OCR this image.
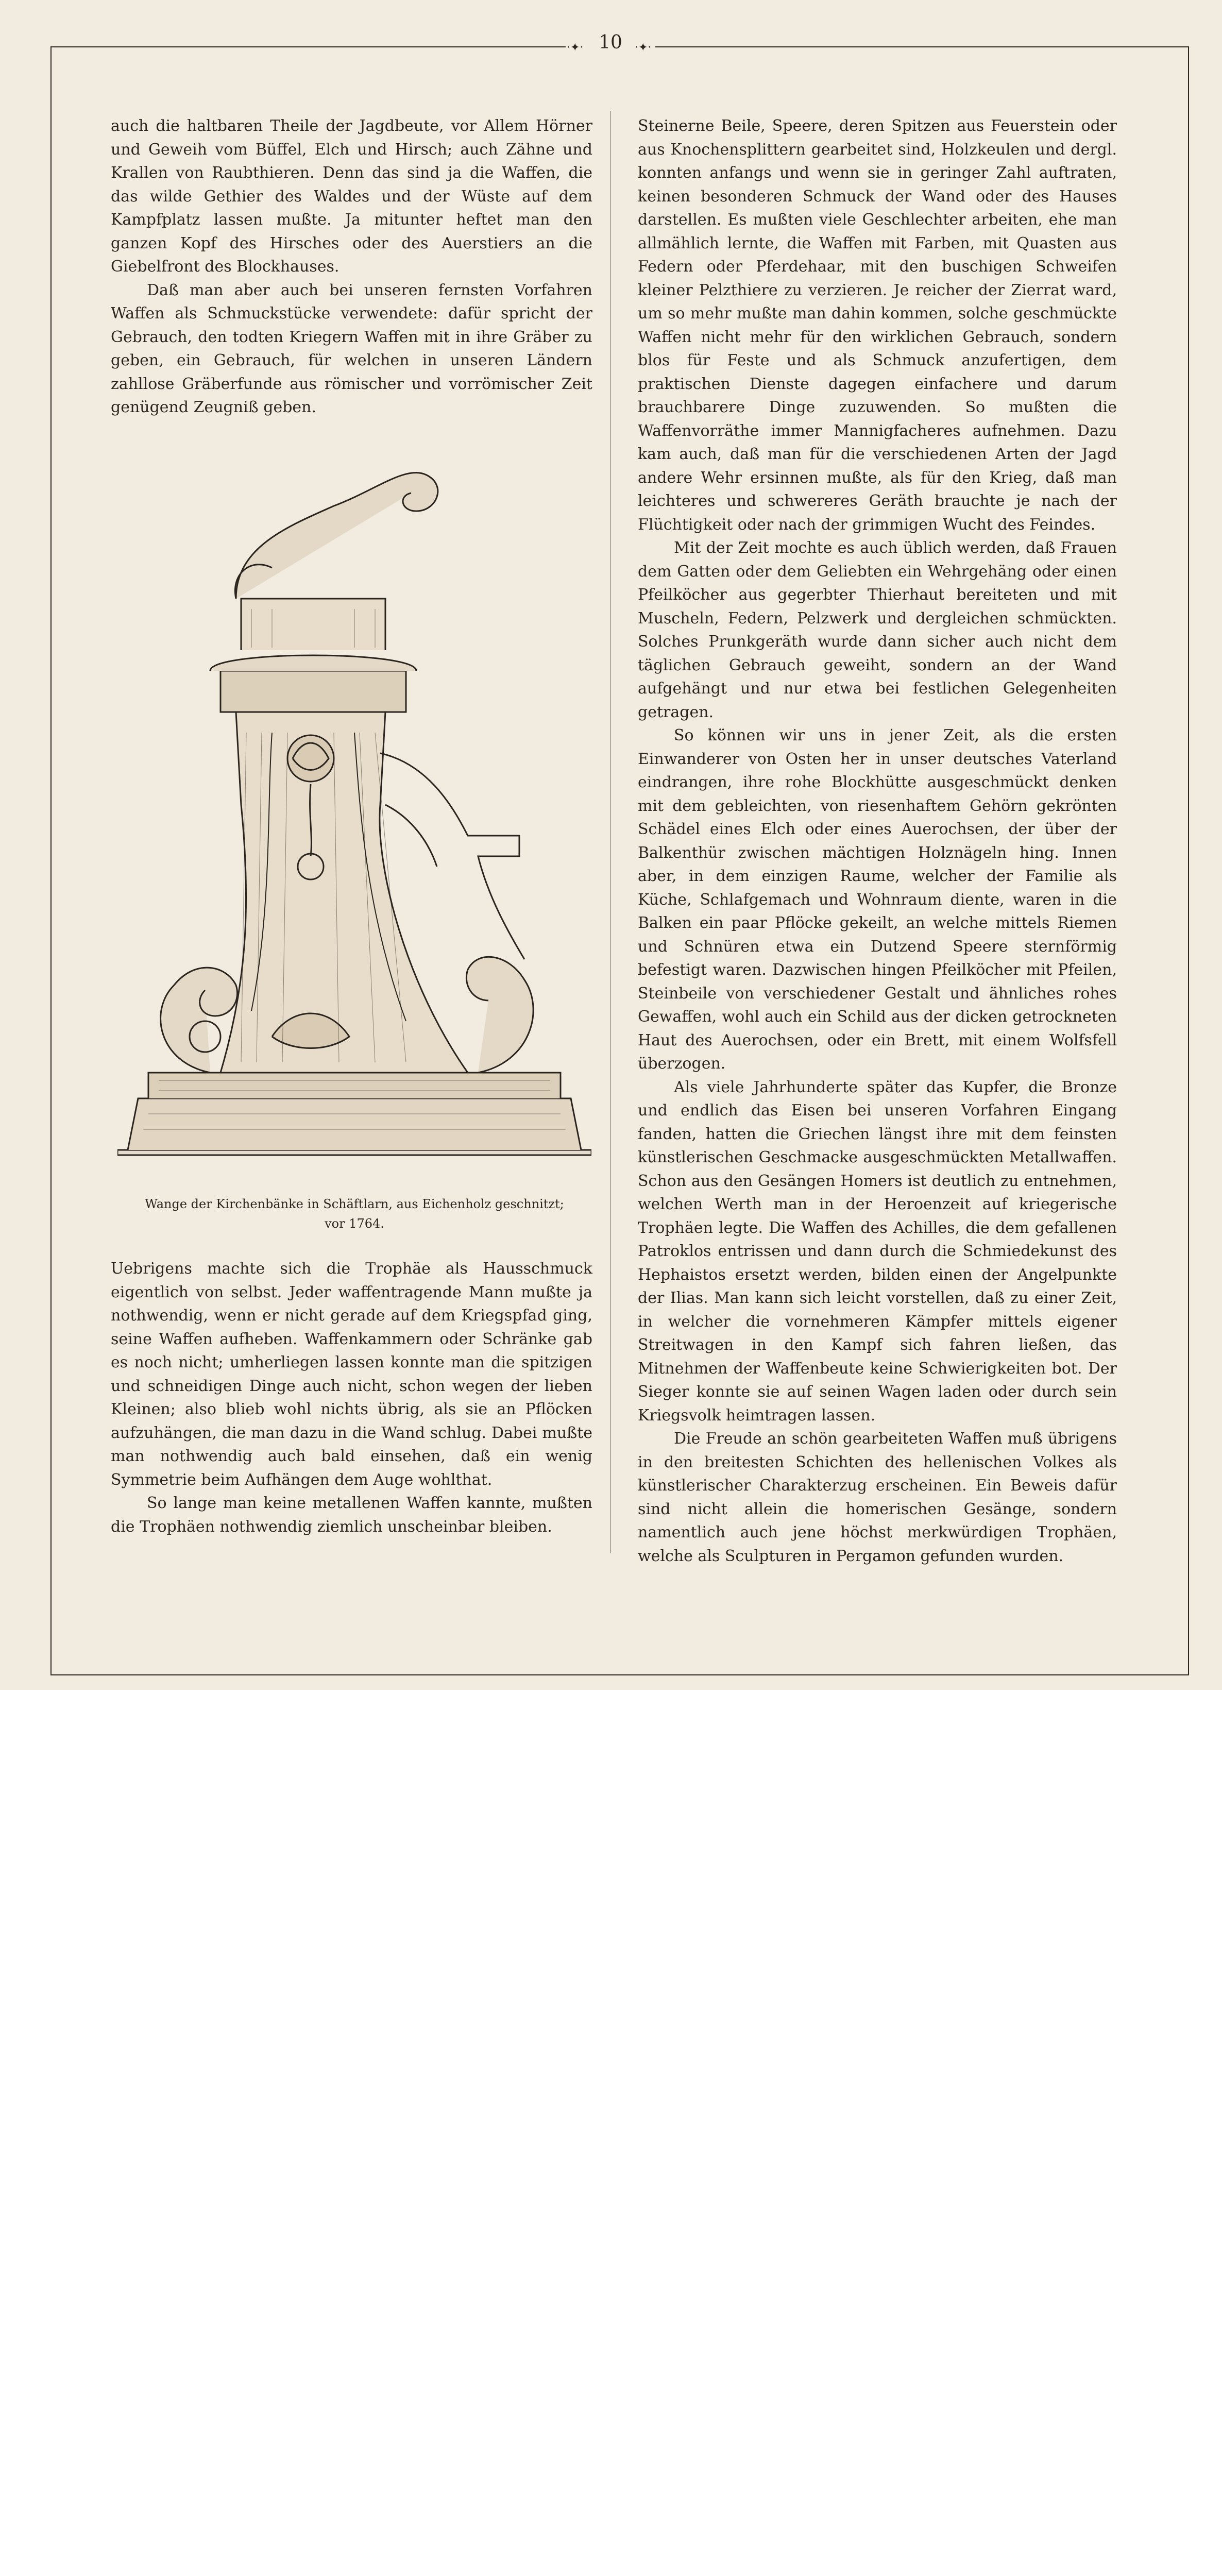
·✦·	·✦·
10

auch die haltbaren Theile der Jagdbeute, vor Allem Hörner und Geweih vom Büffel, Elch und Hirsch; auch Zähne und Krallen von Raubthieren. Denn das sind ja die Waffen, die das wilde Gethier des Waldes und der Wüste auf dem Kampfplatz lassen mußte. Ja mitunter heftet man den ganzen Kopf des Hirsches oder des Auerstiers an die Giebelfront des Blockhauses.

Daß man aber auch bei unseren fernsten Vorfahren Waffen als Schmuckstücke verwendete: dafür spricht der Gebrauch, den todten Kriegern Waffen mit in ihre Gräber zu geben, ein Gebrauch, für welchen in unseren Ländern zahllose Gräberfunde aus römischer und vorrömischer Zeit genügend Zeugniß geben.

Wange der Kirchenbänke in Schäftlarn, aus Eichenholz geschnitzt;
vor 1764.

Uebrigens machte sich die Trophäe als Hausschmuck eigentlich von selbst. Jeder waffentragende Mann mußte ja nothwendig, wenn er nicht gerade auf dem Kriegspfad ging, seine Waffen aufheben. Waffenkammern oder Schränke gab es noch nicht; umherliegen lassen konnte man die spitzigen und schneidigen Dinge auch nicht, schon wegen der lieben Kleinen; also blieb wohl nichts übrig, als sie an Pflöcken aufzuhängen, die man dazu in die Wand schlug. Dabei mußte man nothwendig auch bald einsehen, daß ein wenig Symmetrie beim Aufhängen dem Auge wohlthat.

So lange man keine metallenen Waffen kannte, mußten die Trophäen nothwendig ziemlich unscheinbar bleiben.

Steinerne Beile, Speere, deren Spitzen aus Feuerstein oder aus Knochensplittern gearbeitet sind, Holzkeulen und dergl. konnten anfangs und wenn sie in geringer Zahl auftraten, keinen besonderen Schmuck der Wand oder des Hauses darstellen. Es mußten viele Geschlechter arbeiten, ehe man allmählich lernte, die Waffen mit Farben, mit Quasten aus Federn oder Pferdehaar, mit den buschigen Schweifen kleiner Pelzthiere zu verzieren. Je reicher der Zierrat ward, um so mehr mußte man dahin kommen, solche geschmückte Waffen nicht mehr für den wirklichen Gebrauch, sondern blos für Feste und als Schmuck anzufertigen, dem praktischen Dienste dagegen einfachere und darum brauchbarere Dinge zuzuwenden. So mußten die Waffenvorräthe immer Mannigfacheres aufnehmen. Dazu kam auch, daß man für die verschiedenen Arten der Jagd andere Wehr ersinnen mußte, als für den Krieg, daß man leichteres und schwereres Geräth brauchte je nach der Flüchtigkeit oder nach der grimmigen Wucht des Feindes.

Mit der Zeit mochte es auch üblich werden, daß Frauen dem Gatten oder dem Geliebten ein Wehrgehäng oder einen Pfeilköcher aus gegerbter Thierhaut bereiteten und mit Muscheln, Federn, Pelzwerk und dergleichen schmückten. Solches Prunkgeräth wurde dann sicher auch nicht dem täglichen Gebrauch geweiht, sondern an der Wand aufgehängt und nur etwa bei festlichen Gelegenheiten getragen.

So können wir uns in jener Zeit, als die ersten Einwanderer von Osten her in unser deutsches Vaterland eindrangen, ihre rohe Blockhütte ausgeschmückt denken mit dem gebleichten, von riesenhaftem Gehörn gekrönten Schädel eines Elch oder eines Auerochsen, der über der Balkenthür zwischen mächtigen Holznägeln hing. Innen aber, in dem einzigen Raume, welcher der Familie als Küche, Schlafgemach und Wohnraum diente, waren in die Balken ein paar Pflöcke gekeilt, an welche mittels Riemen und Schnüren etwa ein Dutzend Speere sternförmig befestigt waren. Dazwischen hingen Pfeilköcher mit Pfeilen, Steinbeile von verschiedener Gestalt und ähnliches rohes Gewaffen, wohl auch ein Schild aus der dicken getrockneten Haut des Auerochsen, oder ein Brett, mit einem Wolfsfell überzogen.

Als viele Jahrhunderte später das Kupfer, die Bronze und endlich das Eisen bei unseren Vorfahren Eingang fanden, hatten die Griechen längst ihre mit dem feinsten künstlerischen Geschmacke ausgeschmückten Metallwaffen. Schon aus den Gesängen Homers ist deutlich zu entnehmen, welchen Werth man in der Heroenzeit auf kriegerische Trophäen legte. Die Waffen des Achilles, die dem gefallenen Patroklos entrissen und dann durch die Schmiedekunst des Hephaistos ersetzt werden, bilden einen der Angelpunkte der Ilias. Man kann sich leicht vorstellen, daß zu einer Zeit, in welcher die vornehmeren Kämpfer mittels eigener Streitwagen in den Kampf sich fahren ließen, das Mitnehmen der Waffenbeute keine Schwierigkeiten bot. Der Sieger konnte sie auf seinen Wagen laden oder durch sein Kriegsvolk heimtragen lassen.

Die Freude an schön gearbeiteten Waffen muß übrigens in den breitesten Schichten des hellenischen Volkes als künstlerischer Charakterzug erscheinen. Ein Beweis dafür sind nicht allein die homerischen Gesänge, sondern namentlich auch jene höchst merkwürdigen Trophäen, welche als Sculpturen in Pergamon gefunden wurden.
